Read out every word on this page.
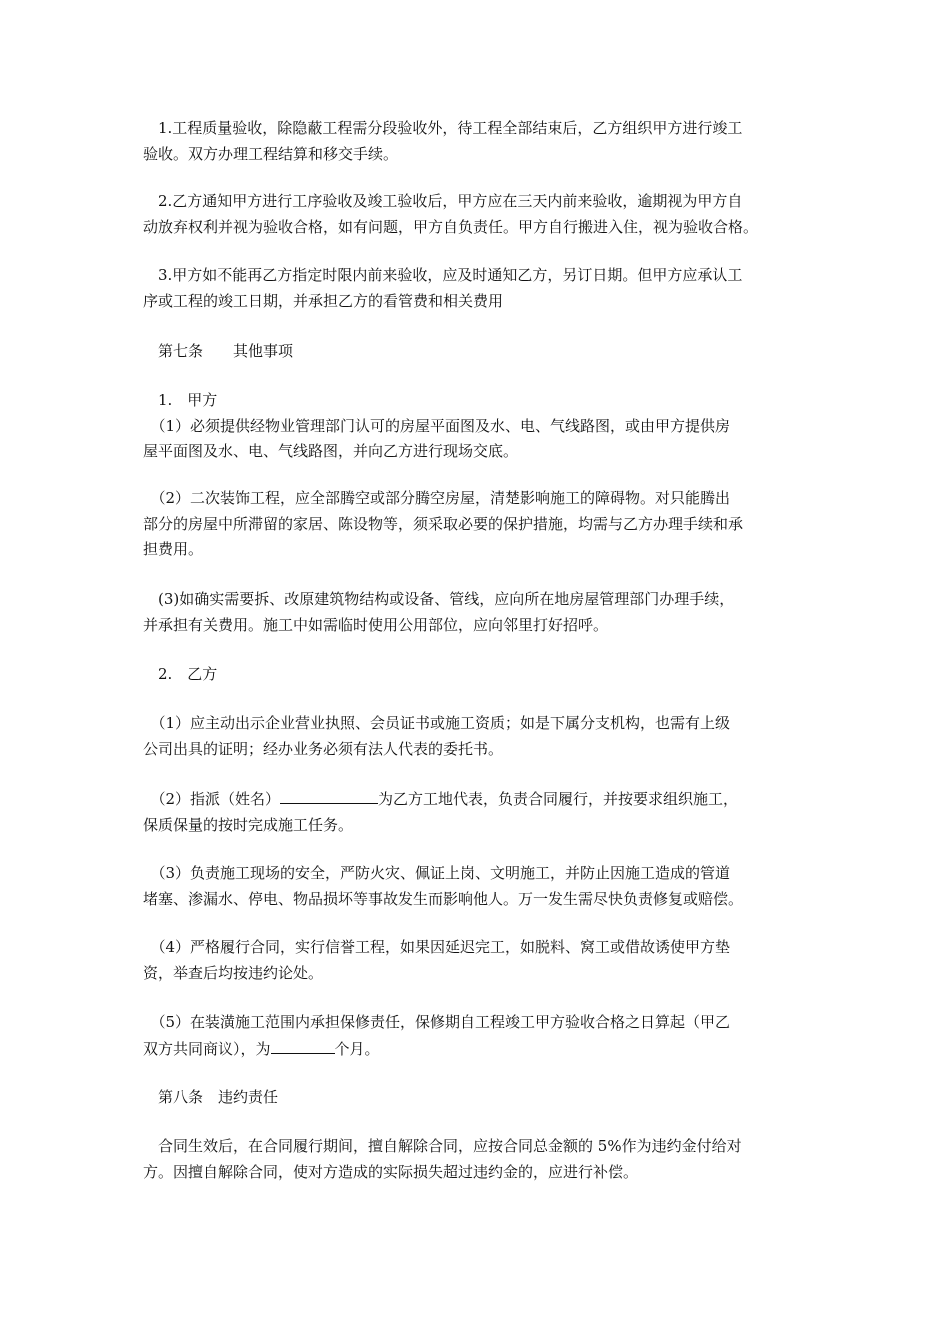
　1.工程质量验收，除隐蔽工程需分段验收外，待工程全部结束后，乙方组织甲方进行竣工
验收。双方办理工程结算和移交手续。
　2.乙方通知甲方进行工序验收及竣工验收后，甲方应在三天内前来验收，逾期视为甲方自
动放弃权利并视为验收合格，如有问题，甲方自负责任。甲方自行搬进入住，视为验收合格。
　3.甲方如不能再乙方指定时限内前来验收，应及时通知乙方，另订日期。但甲方应承认工
序或工程的竣工日期，并承担乙方的看管费和相关费用
　第七条　　其他事项
　1.　甲方
　（1）必须提供经物业管理部门认可的房屋平面图及水、电、气线路图，或由甲方提供房
屋平面图及水、电、气线路图，并向乙方进行现场交底。
　（2）二次装饰工程，应全部腾空或部分腾空房屋，清楚影响施工的障碍物。对只能腾出
部分的房屋中所滞留的家居、陈设物等，须采取必要的保护措施，均需与乙方办理手续和承
担费用。
　(3)如确实需要拆、改原建筑物结构或设备、管线，应向所在地房屋管理部门办理手续，
并承担有关费用。施工中如需临时使用公用部位，应向邻里打好招呼。
　2.　乙方
　（1）应主动出示企业营业执照、会员证书或施工资质；如是下属分支机构，也需有上级
公司出具的证明；经办业务必须有法人代表的委托书。
　（2）指派（姓名）	为乙方工地代表，负责合同履行，并按要求组织施工，
保质保量的按时完成施工任务。
　（3）负责施工现场的安全，严防火灾、佩证上岗、文明施工，并防止因施工造成的管道
堵塞、渗漏水、停电、物品损坏等事故发生而影响他人。万一发生需尽快负责修复或赔偿。
　（4）严格履行合同，实行信誉工程，如果因延迟完工，如脱料、窝工或借故诱使甲方垫
资，举查后均按违约论处。
　（5）在装潢施工范围内承担保修责任，保修期自工程竣工甲方验收合格之日算起（甲乙
双方共同商议），为	个月。
　第八条　违约责任
　合同生效后，在合同履行期间，擅自解除合同，应按合同总金额的 5%作为违约金付给对
方。因擅自解除合同，使对方造成的实际损失超过违约金的，应进行补偿。
